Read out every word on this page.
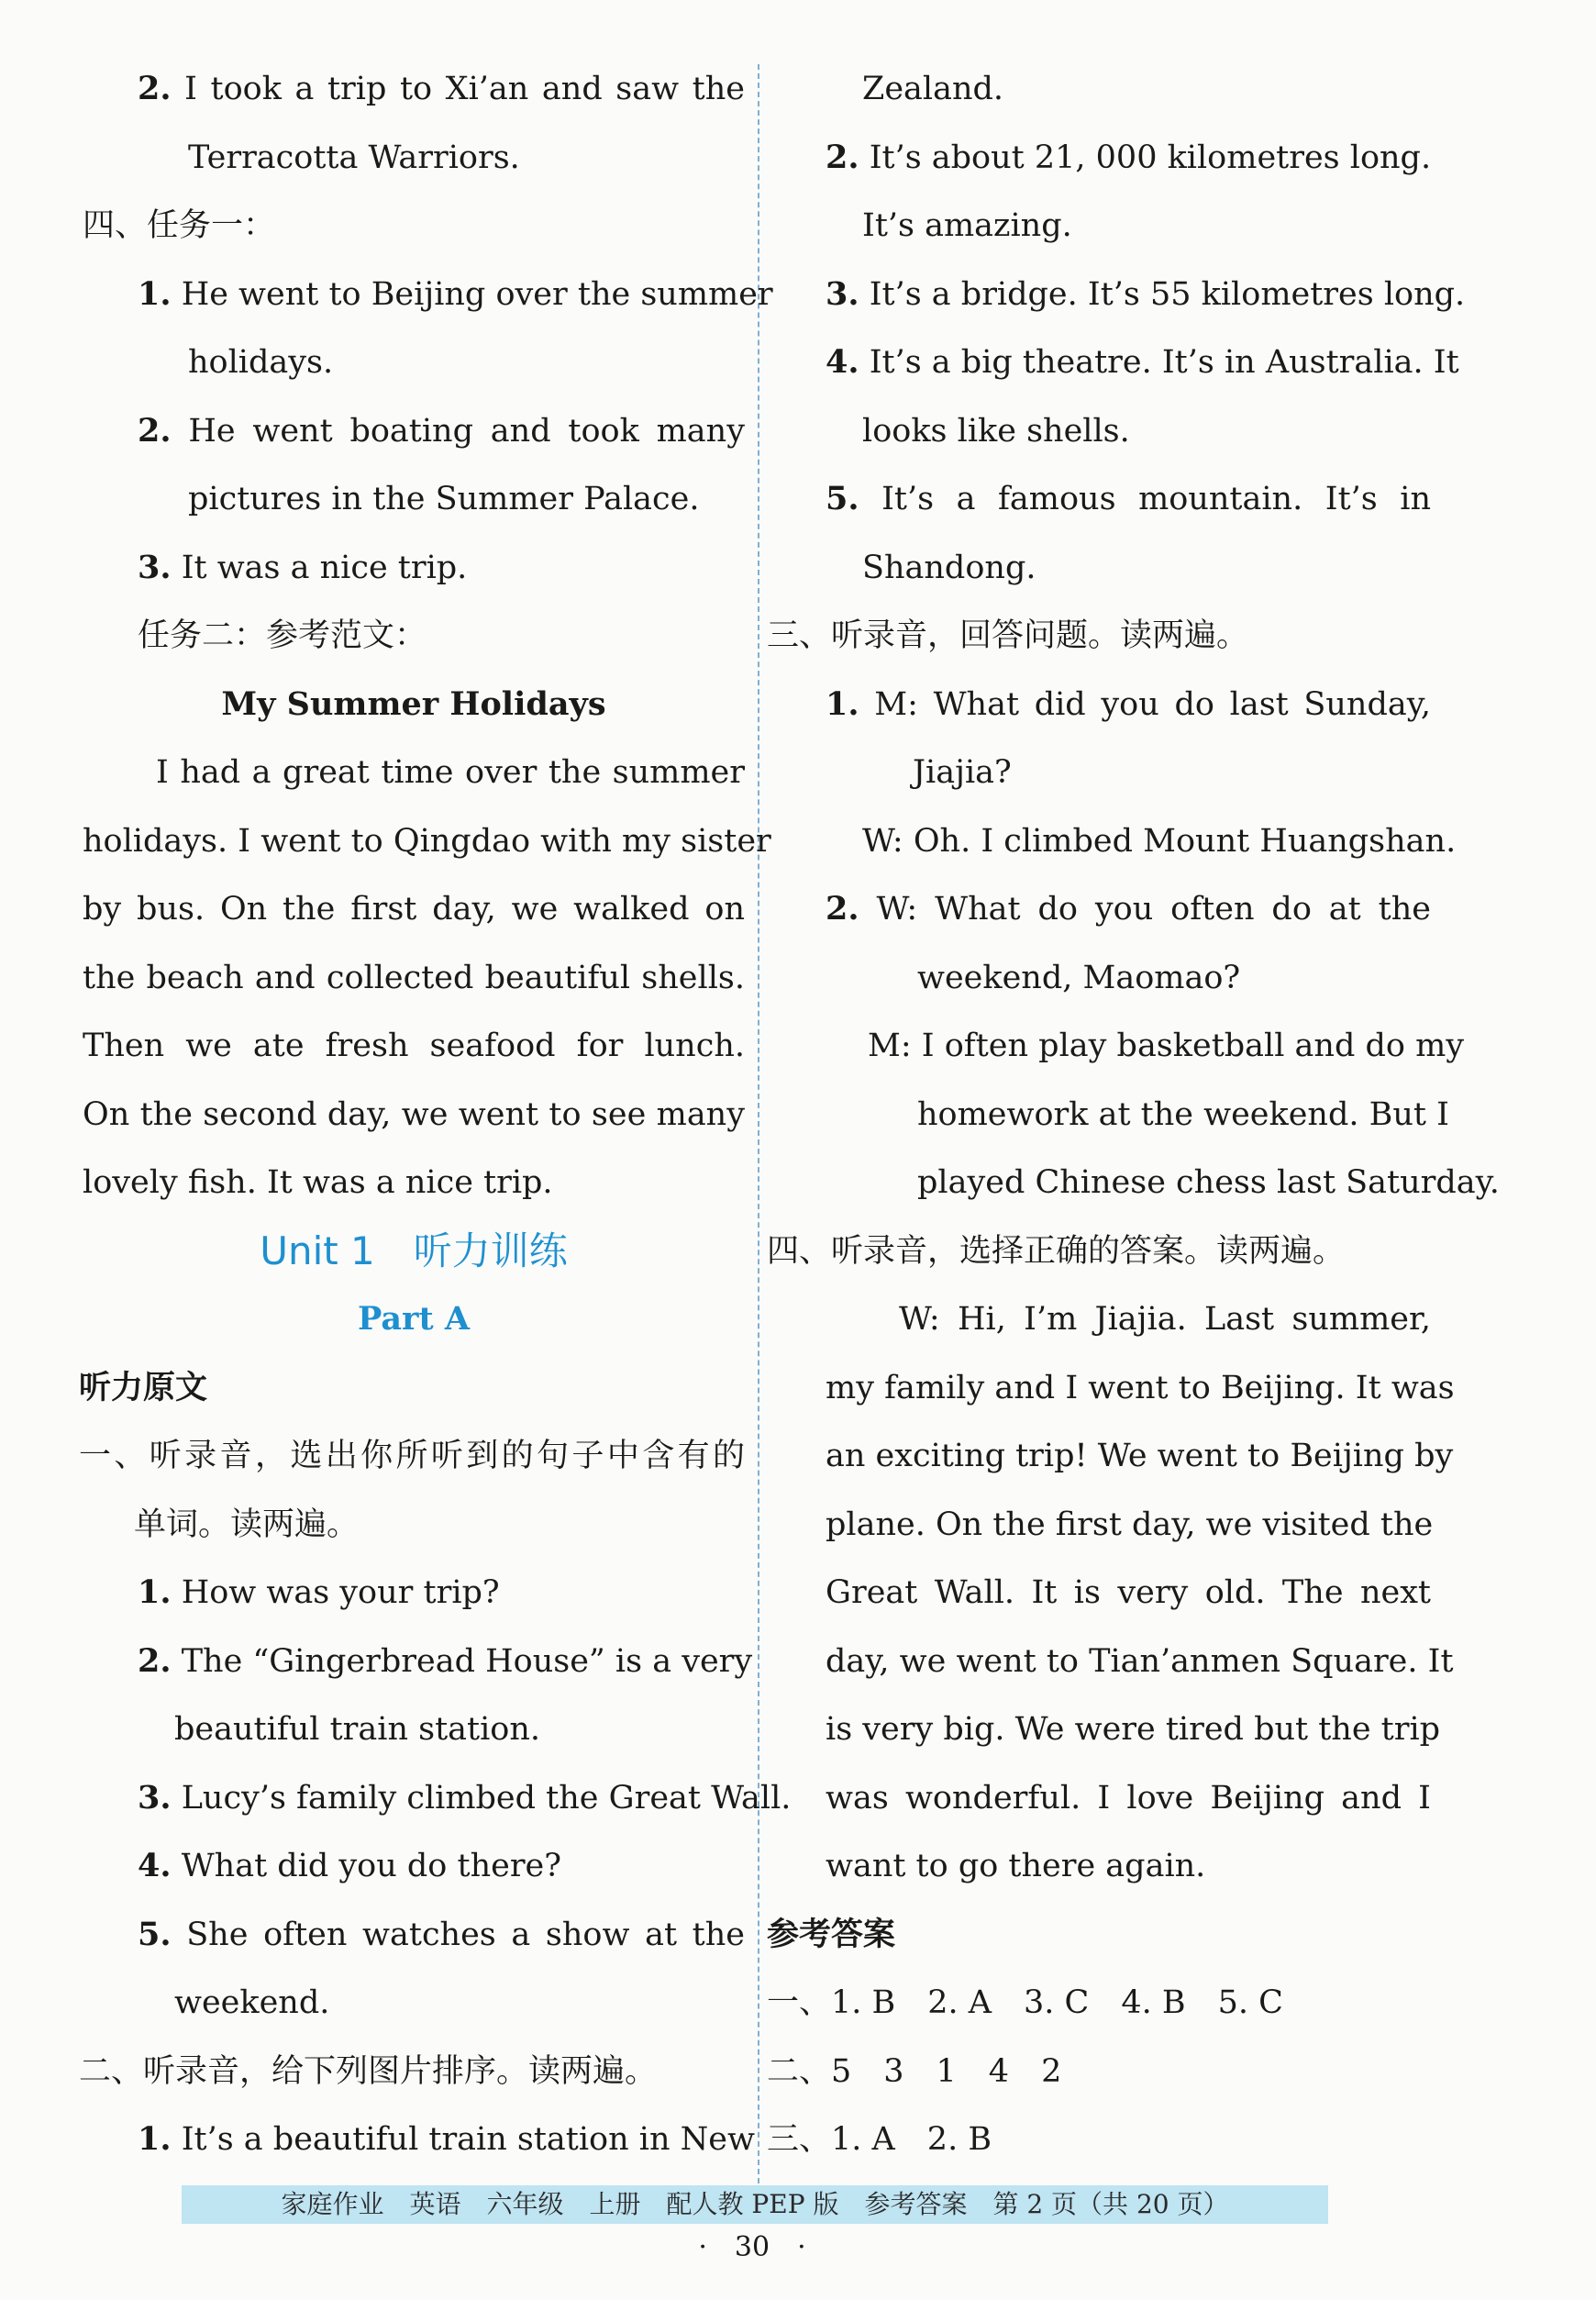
2. I took a trip to Xi’an and saw the
Terracotta Warriors.
四、任务一：
1. He went to Beijing over the summer
holidays.
2. He went boating and took many
pictures in the Summer Palace.
3. It was a nice trip.
任务二：参考范文：
My Summer Holidays
I had a great time over the summer
holidays. I went to Qingdao with my sister
by bus. On the first day, we walked on
the beach and collected beautiful shells.
Then we ate fresh seafood for lunch.
On the second day, we went to see many
lovely fish. It was a nice trip.
Unit 1　听力训练
Part A
听力原文
一、听录音，选出你所听到的句子中含有的
单词。读两遍。
1. How was your trip?
2. The “Gingerbread House” is a very
beautiful train station.
3. Lucy’s family climbed the Great Wall.
4. What did you do there?
5. She often watches a show at the
weekend.
二、听录音，给下列图片排序。读两遍。
1. It’s a beautiful train station in New
Zealand.
2. It’s about 21, 000 kilometres long.
It’s amazing.
3. It’s a bridge. It’s 55 kilometres long.
4. It’s a big theatre. It’s in Australia. It
looks like shells.
5. It’s a famous mountain. It’s in
Shandong.
三、听录音，回答问题。读两遍。
1. M: What did you do last Sunday,
Jiajia?
W: Oh. I climbed Mount Huangshan.
2. W: What do you often do at the
weekend, Maomao?
M: I often play basketball and do my
homework at the weekend. But I
played Chinese chess last Saturday.
四、听录音，选择正确的答案。读两遍。
W: Hi, I’m Jiajia. Last summer,
my family and I went to Beijing. It was
an exciting trip! We went to Beijing by
plane. On the first day, we visited the
Great Wall. It is very old. The next
day, we went to Tian’anmen Square. It
is very big. We were tired but the trip
was wonderful. I love Beijing and I
want to go there again.
参考答案
一、1. B　2. A　3. C　4. B　5. C
二、5　3　1　4　2
三、1. A　2. B
家庭作业　英语　六年级　上册　配人教 PEP 版　参考答案　第 2 页（共 20 页）
·　30　·
